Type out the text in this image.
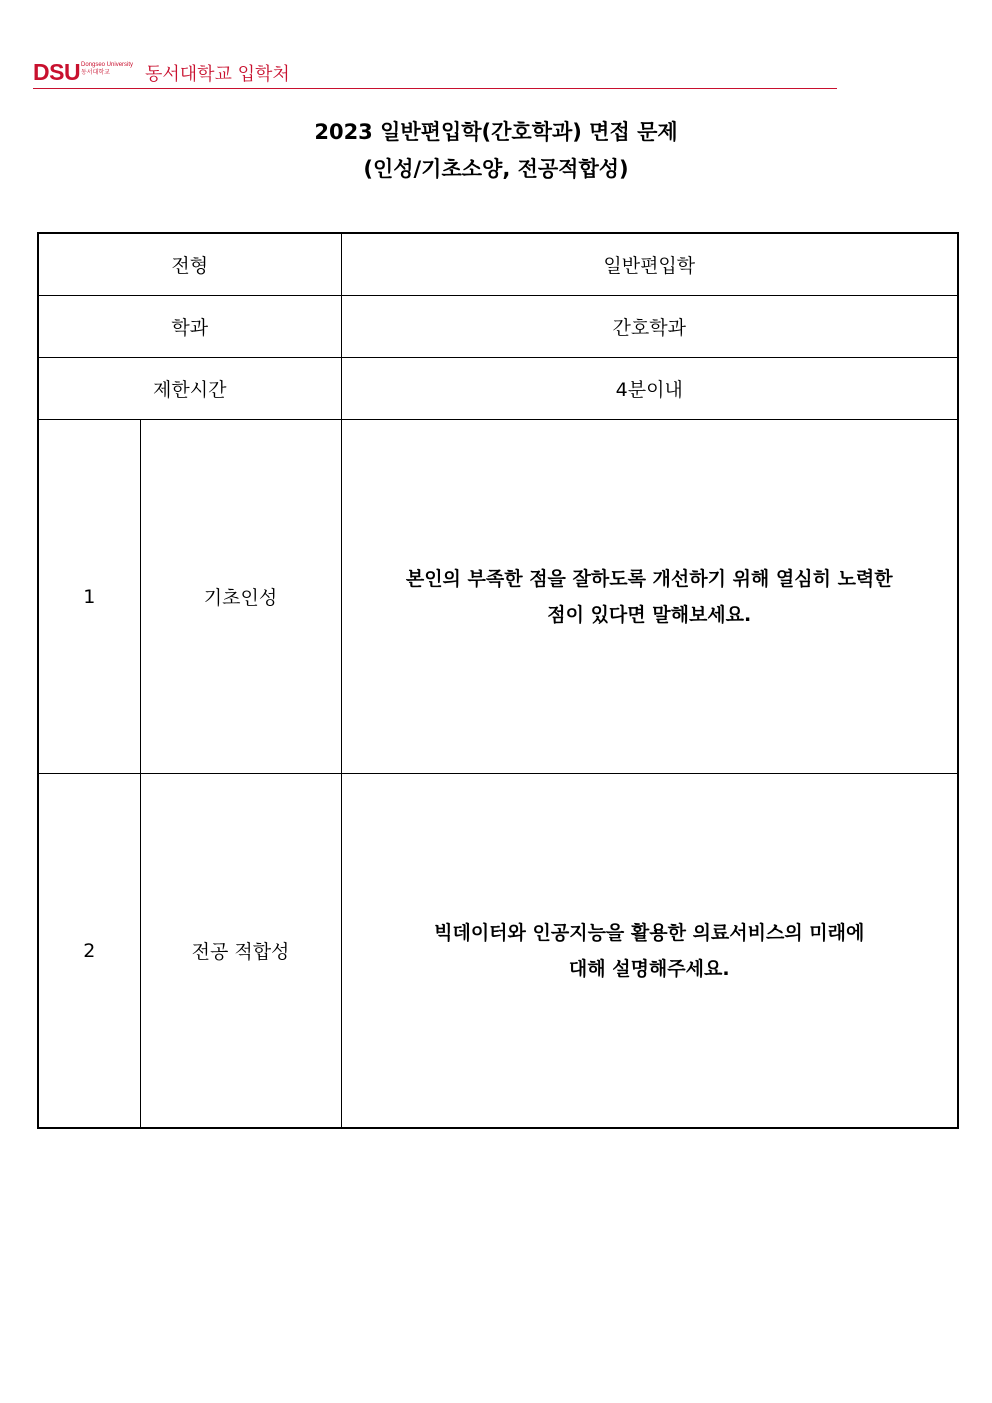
DSU Dongseo University
동서대학교	동서대학교 입학처
2023 일반편입학(간호학과) 면접 문제
(인성/기초소양, 전공적합성)
전형		일반편입학
학과		간호학과
제한시간		4분이내
1	기초인성	본인의 부족한 점을 잘하도록 개선하기 위해 열심히 노력한
점이 있다면 말해보세요.

2	전공 적합성	빅데이터와 인공지능을 활용한 의료서비스의 미래에
대해 설명해주세요.
